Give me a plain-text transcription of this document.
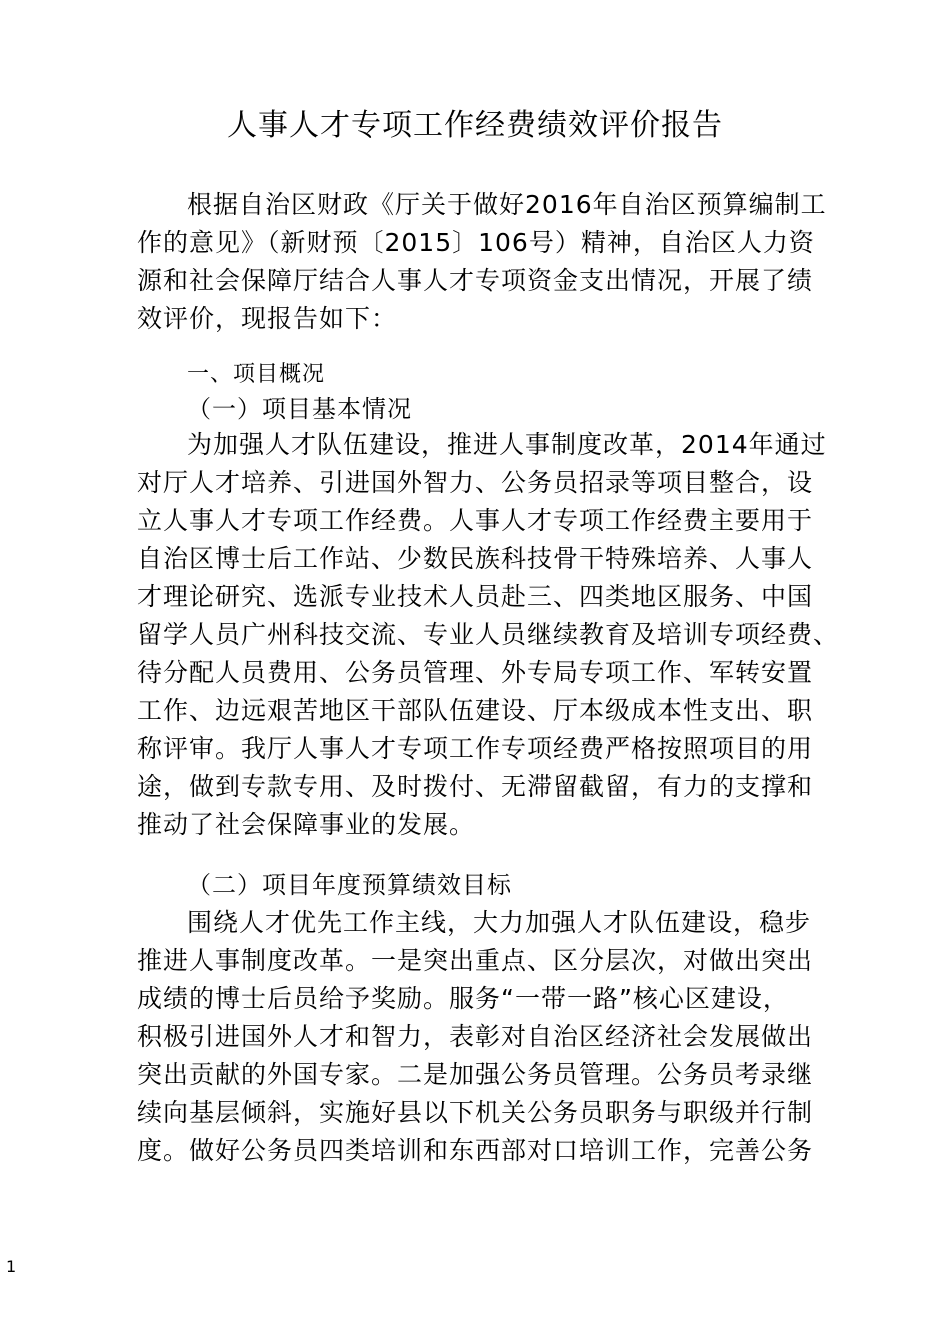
人事人才专项工作经费绩效评价报告
根据自治区财政《厅关于做好2016年自治区预算编制工
作的意见》（新财预〔2015〕106号）精神，自治区人力资
源和社会保障厅结合人事人才专项资金支出情况，开展了绩
效评价，现报告如下：
一、项目概况
（一）项目基本情况
为加强人才队伍建设，推进人事制度改革，2014年通过
对厅人才培养、引进国外智力、公务员招录等项目整合，设
立人事人才专项工作经费。人事人才专项工作经费主要用于
自治区博士后工作站、少数民族科技骨干特殊培养、人事人
才理论研究、选派专业技术人员赴三、四类地区服务、中国
留学人员广州科技交流、专业人员继续教育及培训专项经费、
待分配人员费用、公务员管理、外专局专项工作、军转安置
工作、边远艰苦地区干部队伍建设、厅本级成本性支出、职
称评审。我厅人事人才专项工作专项经费严格按照项目的用
途，做到专款专用、及时拨付、无滞留截留，有力的支撑和
推动了社会保障事业的发展。
（二）项目年度预算绩效目标
围绕人才优先工作主线，大力加强人才队伍建设，稳步
推进人事制度改革。一是突出重点、区分层次，对做出突出
成绩的博士后员给予奖励。服务“一带一路”核心区建设，
积极引进国外人才和智力，表彰对自治区经济社会发展做出
突出贡献的外国专家。二是加强公务员管理。公务员考录继
续向基层倾斜，实施好县以下机关公务员职务与职级并行制
度。做好公务员四类培训和东西部对口培训工作，完善公务
1
